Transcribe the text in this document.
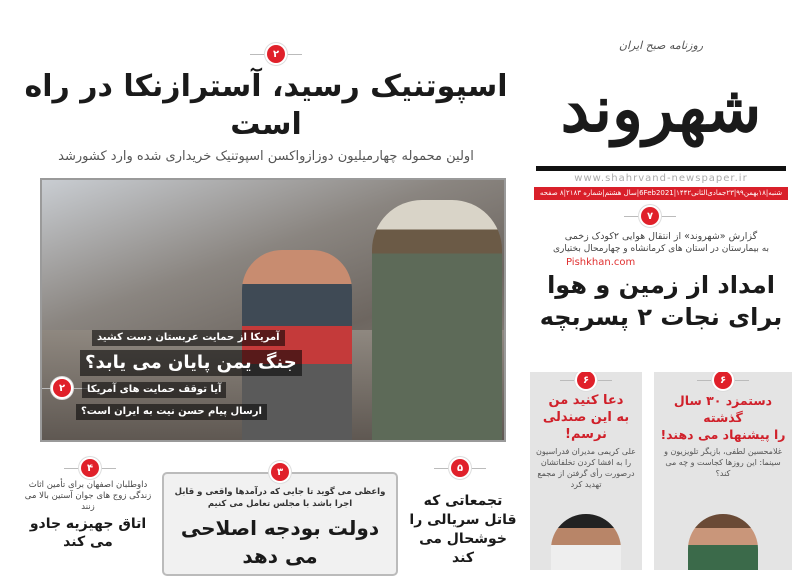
روزنامه صبح ایران
شهروند
www.shahrvand-newspaper.ir
شنبه|۱۸بهمن۹۹|۲۳جمادی‌الثانی۱۴۴۲|6Feb2021|سال هشتم|شماره ۲۱۸۳|۸ صفحه
۲
اسپوتنیک رسید، آسترازنکا در راه است
اولین محموله چهارمیلیون دوزازواکسن اسپوتنیک خریداری شده وارد کشورشد
آمریکا از حمایت عربستان دست کشید
جنگ یمن پایان می یابد؟
۲	آیا توقف حمایت های آمریکا
ارسال پیام حسن نیت به ایران است؟
۷
گزارش «شهروند» از انتقال هوایی ۲کودک زخمی
به بیمارستان در استان های کرمانشاه و چهارمحال بختیاری
Pishkhan.com
امداد از زمین و هوا
برای نجات ۲ پسربچه
۶
دعا کنید من
به این صندلی نرسم!
علی کریمی مدیران فدراسیون را به افشا کردن تخلفاتشان درصورت رأی گرفتن از مجمع تهدید کرد
۶
دستمزد ۳۰ سال گذشته
را پیشنهاد می دهند!
غلامحسین لطفی، بازیگر تلویزیون و سینما: این روزها کجاست و چه می کند؟
۴
داوطلبان اصفهان برای تأمین اثاث زندگی زوج های جوان آستین بالا می زنند
اتاق جهیزیه جادو می کند
واعظی می گوید تا جایی که درآمدها واقعی و قابل اجرا باشد با مجلس تعامل می کنیم
دولت بودجه اصلاحی می دهد
۳	۵
تجمعاتی که قاتل سریالی را خوشحال می کند
